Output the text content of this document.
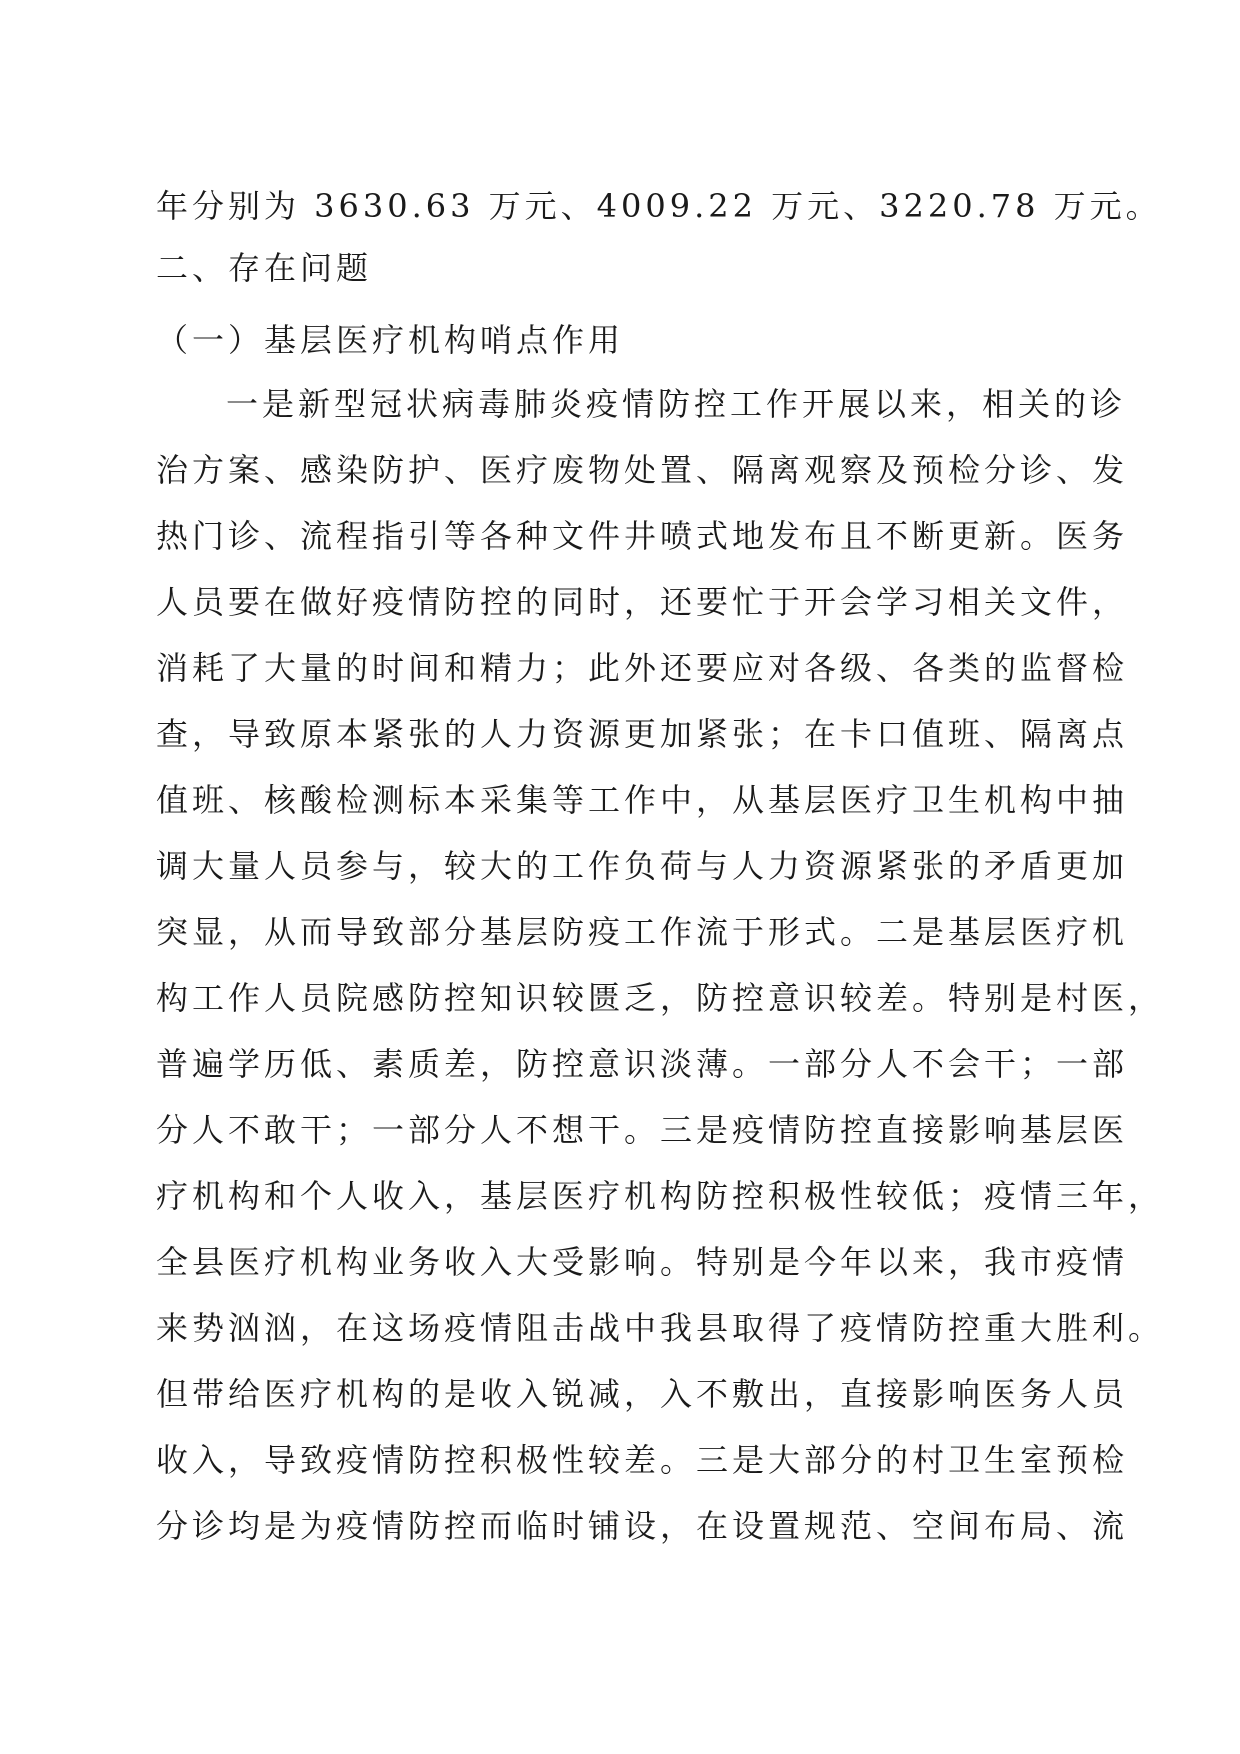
年分别为 3630.63 万元、4009.22 万元、3220.78 万元。
二、存在问题
（一）基层医疗机构哨点作用
一是新型冠状病毒肺炎疫情防控工作开展以来，相关的诊
治方案、感染防护、医疗废物处置、隔离观察及预检分诊、发
热门诊、流程指引等各种文件井喷式地发布且不断更新。医务
人员要在做好疫情防控的同时，还要忙于开会学习相关文件，
消耗了大量的时间和精力；此外还要应对各级、各类的监督检
查，导致原本紧张的人力资源更加紧张；在卡口值班、隔离点
值班、核酸检测标本采集等工作中，从基层医疗卫生机构中抽
调大量人员参与，较大的工作负荷与人力资源紧张的矛盾更加
突显，从而导致部分基层防疫工作流于形式。二是基层医疗机
构工作人员院感防控知识较匮乏，防控意识较差。特别是村医，
普遍学历低、素质差，防控意识淡薄。一部分人不会干；一部
分人不敢干；一部分人不想干。三是疫情防控直接影响基层医
疗机构和个人收入，基层医疗机构防控积极性较低；疫情三年，
全县医疗机构业务收入大受影响。特别是今年以来，我市疫情
来势汹汹，在这场疫情阻击战中我县取得了疫情防控重大胜利。
但带给医疗机构的是收入锐减，入不敷出，直接影响医务人员
收入，导致疫情防控积极性较差。三是大部分的村卫生室预检
分诊均是为疫情防控而临时铺设，在设置规范、空间布局、流
